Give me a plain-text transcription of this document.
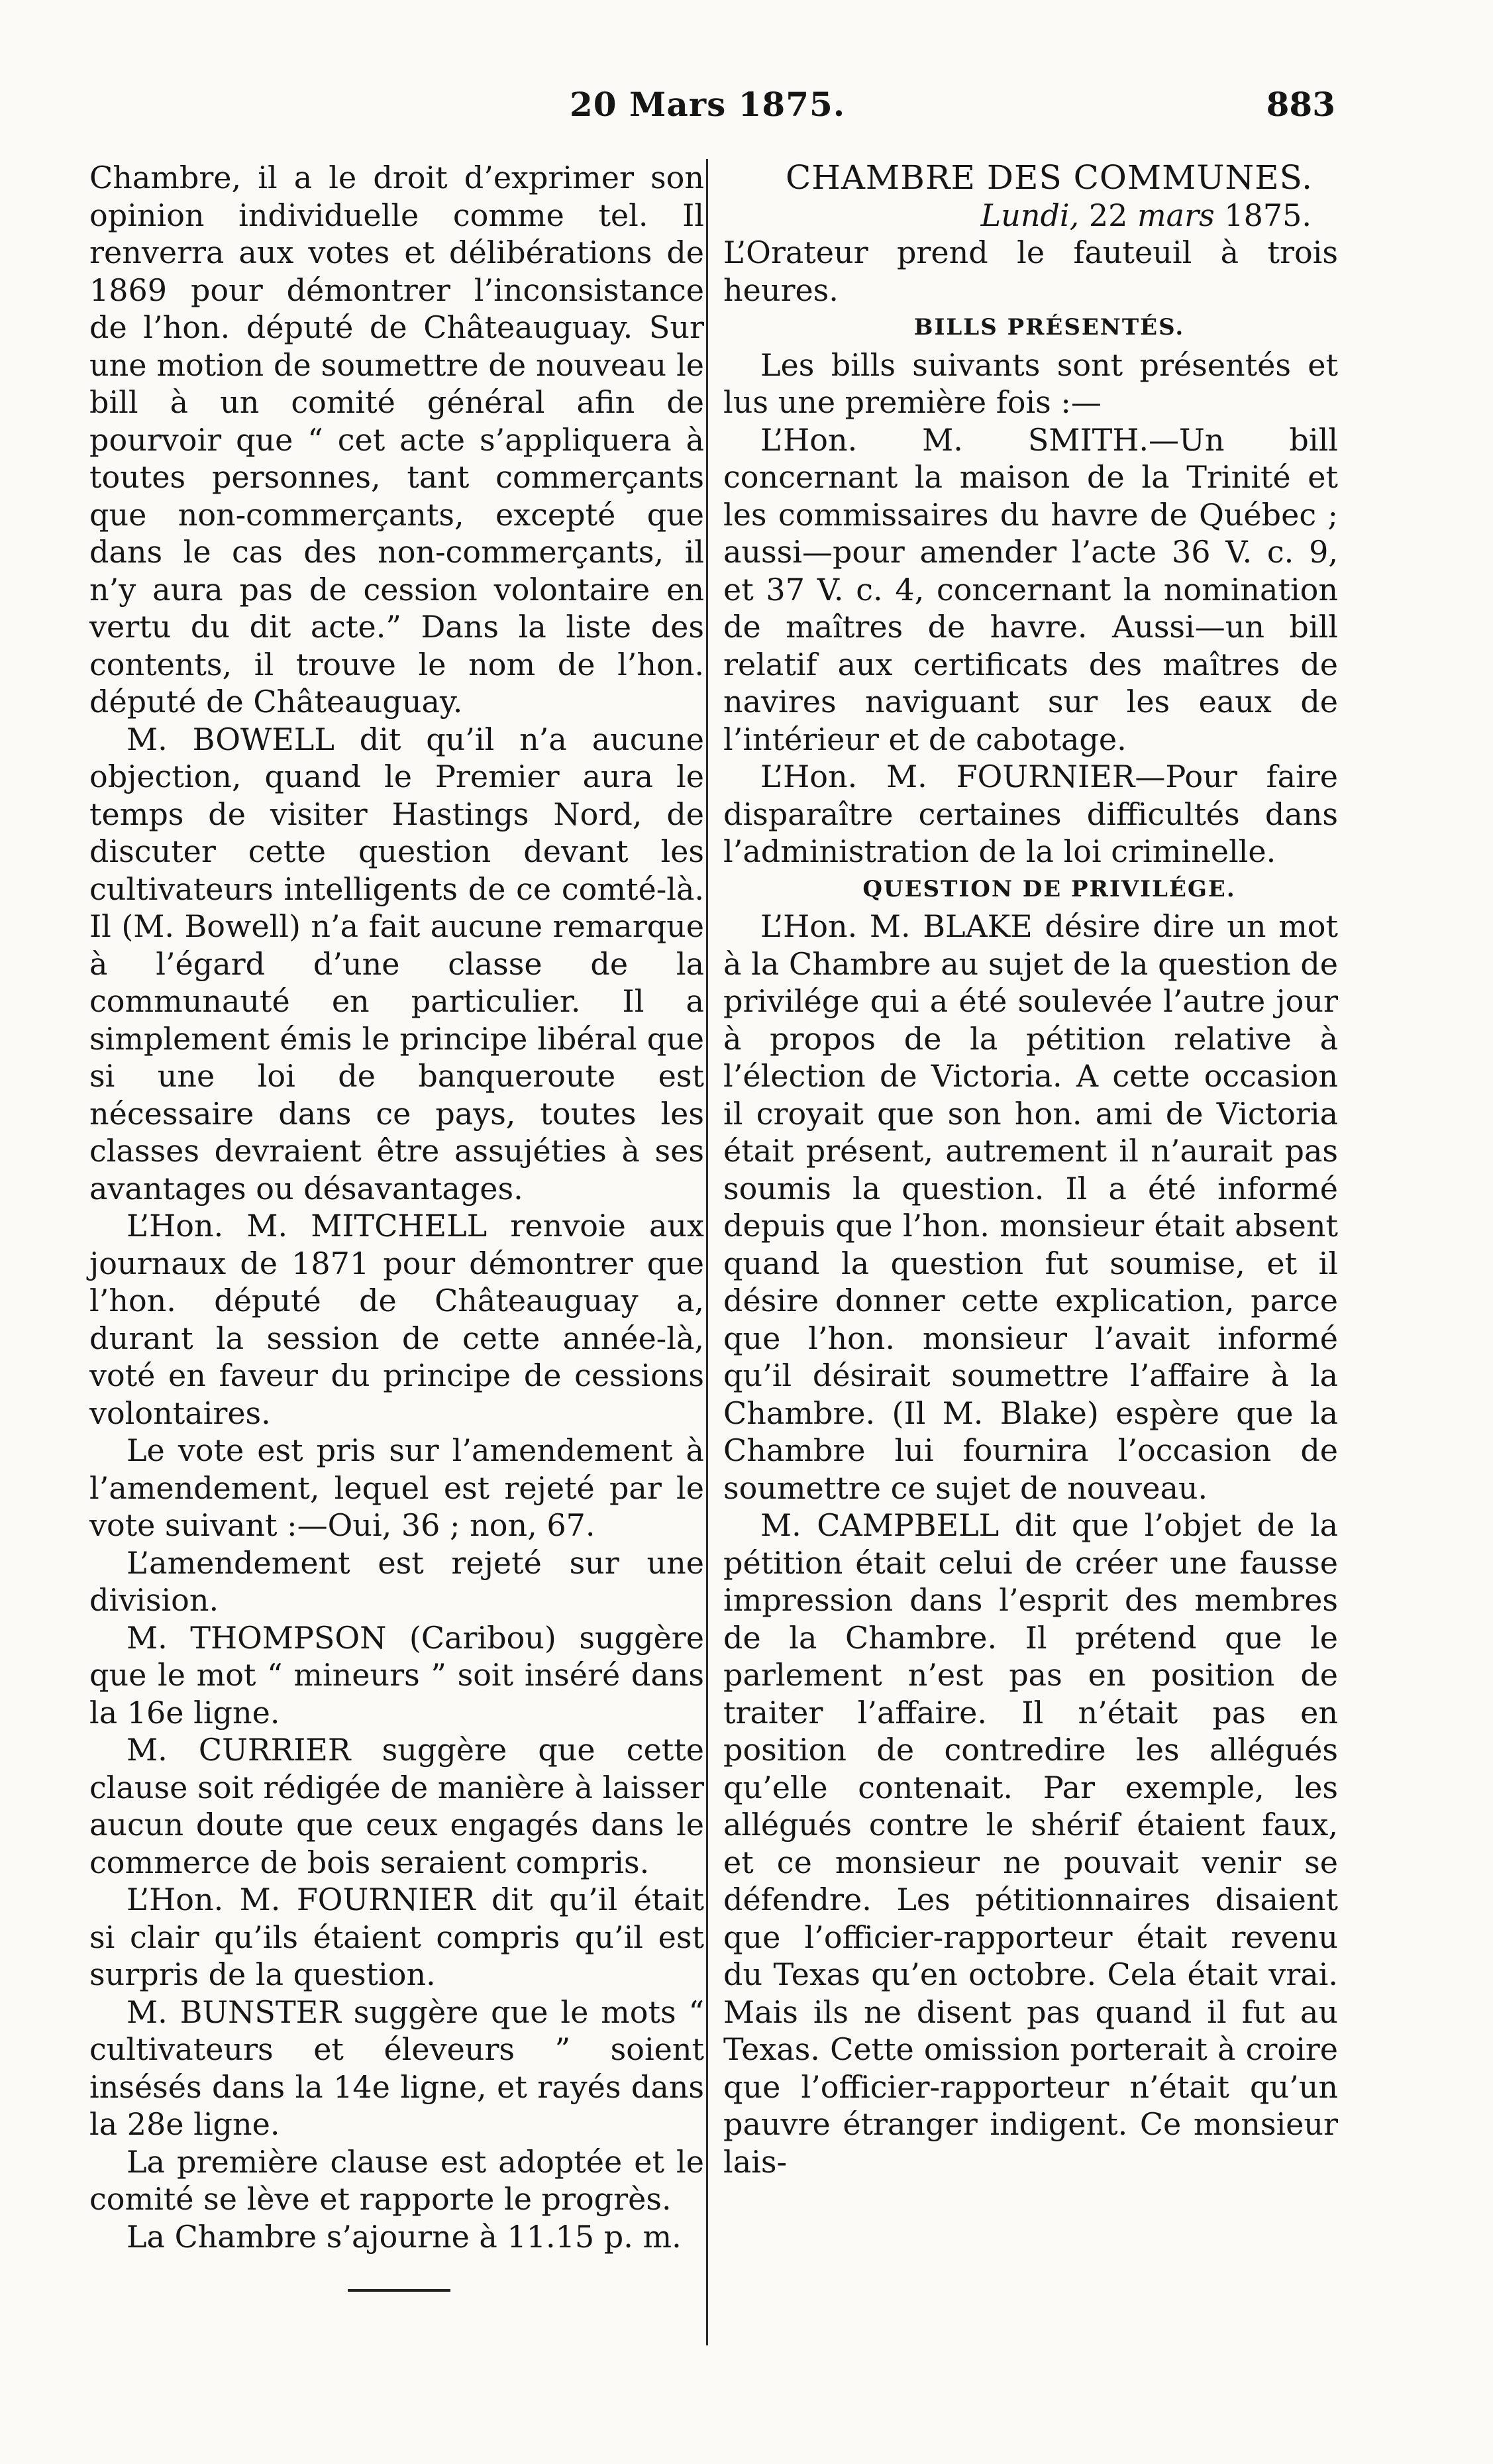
20 Mars 1875.	883

Chambre, il a le droit d’exprimer son opinion individuelle comme tel. Il renverra aux votes et délibérations de 1869 pour démontrer l’inconsistance de l’hon. député de Châteauguay. Sur une motion de soumettre de nouveau le bill à un comité général afin de pourvoir que “ cet acte s’appliquera à toutes personnes, tant commerçants que non-commerçants, excepté que dans le cas des non-commerçants, il n’y aura pas de cession volontaire en vertu du dit acte.” Dans la liste des contents, il trouve le nom de l’hon. député de Châteauguay.

M. BOWELL dit qu’il n’a aucune objection, quand le Premier aura le temps de visiter Hastings Nord, de discuter cette question devant les cultivateurs intelligents de ce comté-là. Il (M. Bowell) n’a fait aucune remarque à l’égard d’une classe de la communauté en particulier. Il a simplement émis le principe libéral que si une loi de banqueroute est nécessaire dans ce pays, toutes les classes devraient être assujéties à ses avantages ou désavantages.

L’Hon. M. MITCHELL renvoie aux journaux de 1871 pour démontrer que l’hon. député de Châteauguay a, durant la session de cette année-là, voté en faveur du principe de cessions volontaires.

Le vote est pris sur l’amendement à l’amendement, lequel est rejeté par le vote suivant :—Oui, 36 ; non, 67.

L’amendement est rejeté sur une division.

M. THOMPSON (Caribou) suggère que le mot “ mineurs ” soit inséré dans la 16e ligne.

M. CURRIER suggère que cette clause soit rédigée de manière à laisser aucun doute que ceux engagés dans le commerce de bois seraient compris.

L’Hon. M. FOURNIER dit qu’il était si clair qu’ils étaient compris qu’il est surpris de la question.

M. BUNSTER suggère que le mots “ cultivateurs et éleveurs ” soient insésés dans la 14e ligne, et rayés dans la 28e ligne.

La première clause est adoptée et le comité se lève et rapporte le progrès.

La Chambre s’ajourne à 11.15 p. m.

CHAMBRE DES COMMUNES.

Lundi, 22 mars 1875.

L’Orateur prend le fauteuil à trois heures.

BILLS PRÉSENTÉS.

Les bills suivants sont présentés et lus une première fois :—

L’Hon. M. SMITH.—Un bill concernant la maison de la Trinité et les commissaires du havre de Québec ; aussi—pour amender l’acte 36 V. c. 9, et 37 V. c. 4, concernant la nomination de maîtres de havre. Aussi—un bill relatif aux certificats des maîtres de navires naviguant sur les eaux de l’intérieur et de cabotage.

L’Hon. M. FOURNIER—Pour faire disparaître certaines difficultés dans l’administration de la loi criminelle.

QUESTION DE PRIVILÉGE.

L’Hon. M. BLAKE désire dire un mot à la Chambre au sujet de la question de privilége qui a été soulevée l’autre jour à propos de la pétition relative à l’élection de Victoria. A cette occasion il croyait que son hon. ami de Victoria était présent, autrement il n’aurait pas soumis la question. Il a été informé depuis que l’hon. monsieur était absent quand la question fut soumise, et il désire donner cette explication, parce que l’hon. monsieur l’avait informé qu’il désirait soumettre l’affaire à la Chambre. (Il M. Blake) espère que la Chambre lui fournira l’occasion de soumettre ce sujet de nouveau.

M. CAMPBELL dit que l’objet de la pétition était celui de créer une fausse impression dans l’esprit des membres de la Chambre. Il prétend que le parlement n’est pas en position de traiter l’affaire. Il n’était pas en position de contredire les allégués qu’elle contenait. Par exemple, les allégués contre le shérif étaient faux, et ce monsieur ne pouvait venir se défendre. Les pétitionnaires disaient que l’officier-rapporteur était revenu du Texas qu’en octobre. Cela était vrai. Mais ils ne disent pas quand il fut au Texas. Cette omission porterait à croire que l’officier-rapporteur n’était qu’un pauvre étranger indigent. Ce monsieur lais-
